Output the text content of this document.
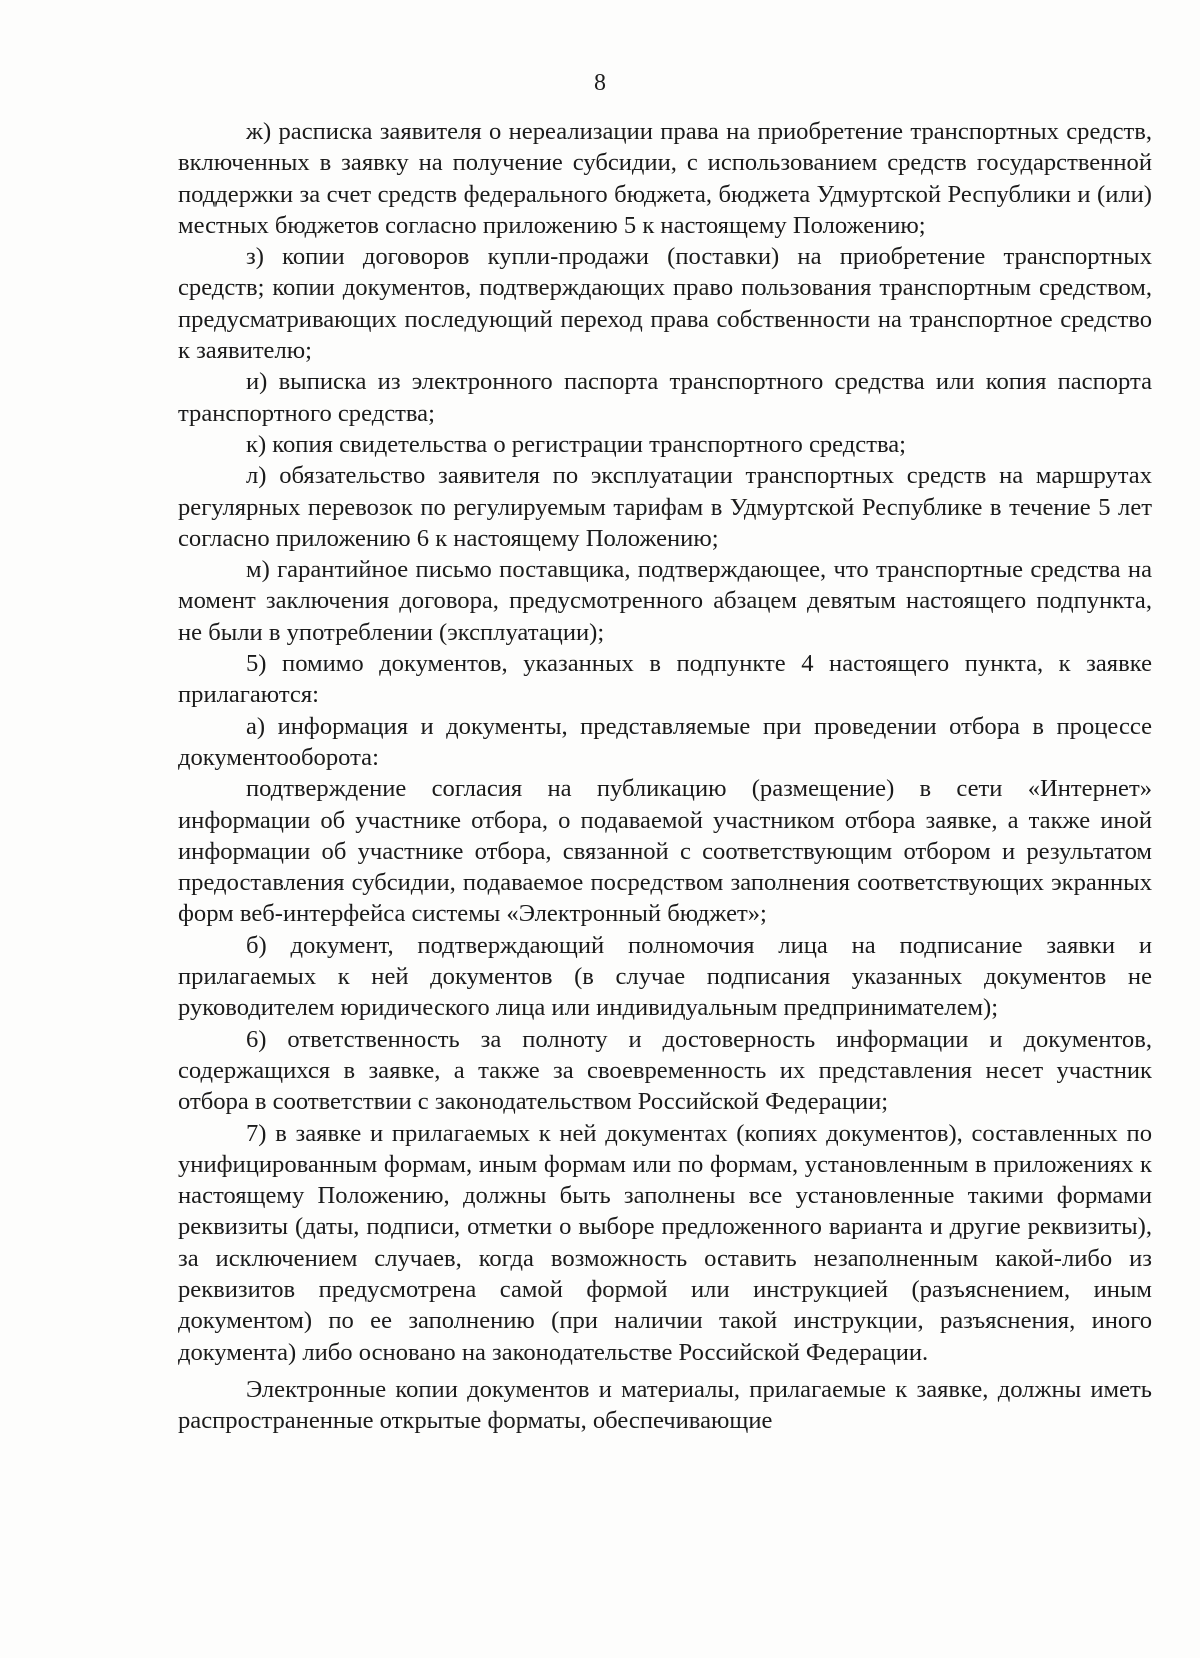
8

ж) расписка заявителя о нереализации права на приобретение транспортных средств, включенных в заявку на получение субсидии, с использованием средств государственной поддержки за счет средств федерального бюджета, бюджета Удмуртской Республики и (или) местных бюджетов согласно приложению 5 к настоящему Положению;

з) копии договоров купли-продажи (поставки) на приобретение транспортных средств; копии документов, подтверждающих право пользования транспортным средством, предусматривающих последующий переход права собственности на транспортное средство к заявителю;

и) выписка из электронного паспорта транспортного средства или копия паспорта транспортного средства;

к) копия свидетельства о регистрации транспортного средства;

л) обязательство заявителя по эксплуатации транспортных средств на маршрутах регулярных перевозок по регулируемым тарифам в Удмуртской Республике в течение 5 лет согласно приложению 6 к настоящему Положению;

м) гарантийное письмо поставщика, подтверждающее, что транспортные средства на момент заключения договора, предусмотренного абзацем девятым настоящего подпункта, не были в употреблении (эксплуатации);

5) помимо документов, указанных в подпункте 4 настоящего пункта, к заявке прилагаются:

а) информация и документы, представляемые при проведении отбора в процессе документооборота:

подтверждение согласия на публикацию (размещение) в сети «Интернет» информации об участнике отбора, о подаваемой участником отбора заявке, а также иной информации об участнике отбора, связанной с соответствующим отбором и результатом предоставления субсидии, подаваемое посредством заполнения соответствующих экранных форм веб-интерфейса системы «Электронный бюджет»;

б) документ, подтверждающий полномочия лица на подписание заявки и прилагаемых к ней документов (в случае подписания указанных документов не руководителем юридического лица или индивидуальным предпринимателем);

6) ответственность за полноту и достоверность информации и документов, содержащихся в заявке, а также за своевременность их представления несет участник отбора в соответствии с законодательством Российской Федерации;

7) в заявке и прилагаемых к ней документах (копиях документов), составленных по унифицированным формам, иным формам или по формам, установленным в приложениях к настоящему Положению, должны быть заполнены все установленные такими формами реквизиты (даты, подписи, отметки о выборе предложенного варианта и другие реквизиты), за исключением случаев, когда возможность оставить незаполненным какой-либо из реквизитов предусмотрена самой формой или инструкцией (разъяснением, иным документом) по ее заполнению (при наличии такой инструкции, разъяснения, иного документа) либо основано на законодательстве Российской Федерации.

Электронные копии документов и материалы, прилагаемые к заявке, должны иметь распространенные открытые форматы, обеспечивающие
